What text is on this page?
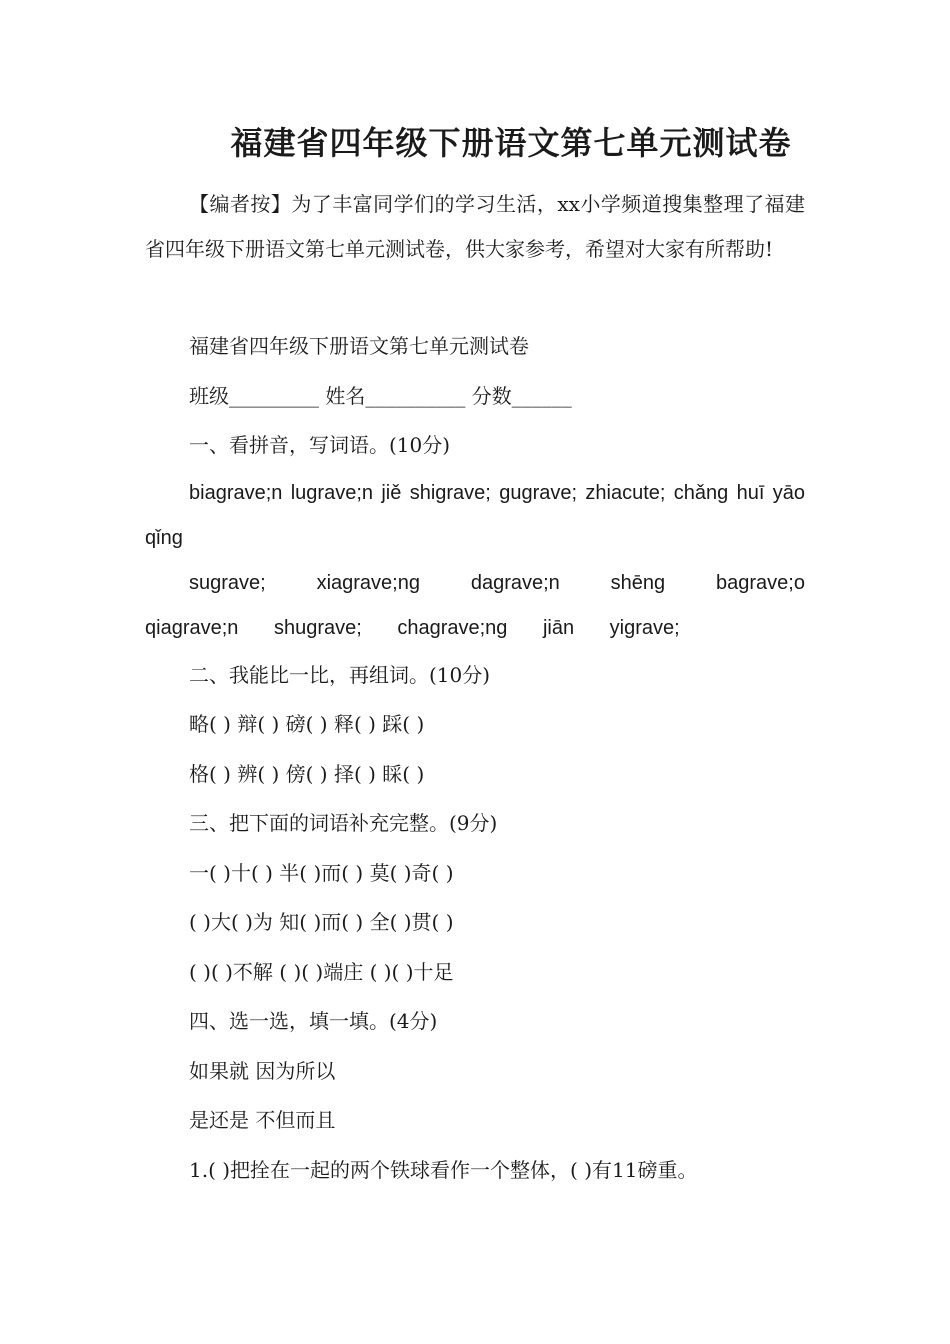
福建省四年级下册语文第七单元测试卷
【编者按】为了丰富同学们的学习生活，xx小学频道搜集整理了福建省四年级下册语文第七单元测试卷，供大家参考，希望对大家有所帮助!
福建省四年级下册语文第七单元测试卷
班级_________ 姓名__________ 分数______
一、看拼音，写词语。(10分)
biagrave;n lugrave;n jiě shigrave; gugrave; zhiacute; chǎng huī yāo qǐng
sugrave; xiagrave;ng dagrave;n shēng bagrave;o qiagrave;n shugrave; chagrave;ng jiān yigrave;
二、我能比一比，再组词。(10分)
略( ) 辩( ) 磅( ) 释( ) 踩( )
格( ) 辨( ) 傍( ) 择( ) 睬( )
三、把下面的词语补充完整。(9分)
一( )十( ) 半( )而( ) 莫( )奇( )
( )大( )为 知( )而( ) 全( )贯( )
( )( )不解 ( )( )端庄 ( )( )十足
四、选一选，填一填。(4分)
如果就 因为所以
是还是 不但而且
1.( )把拴在一起的两个铁球看作一个整体，( )有11磅重。
